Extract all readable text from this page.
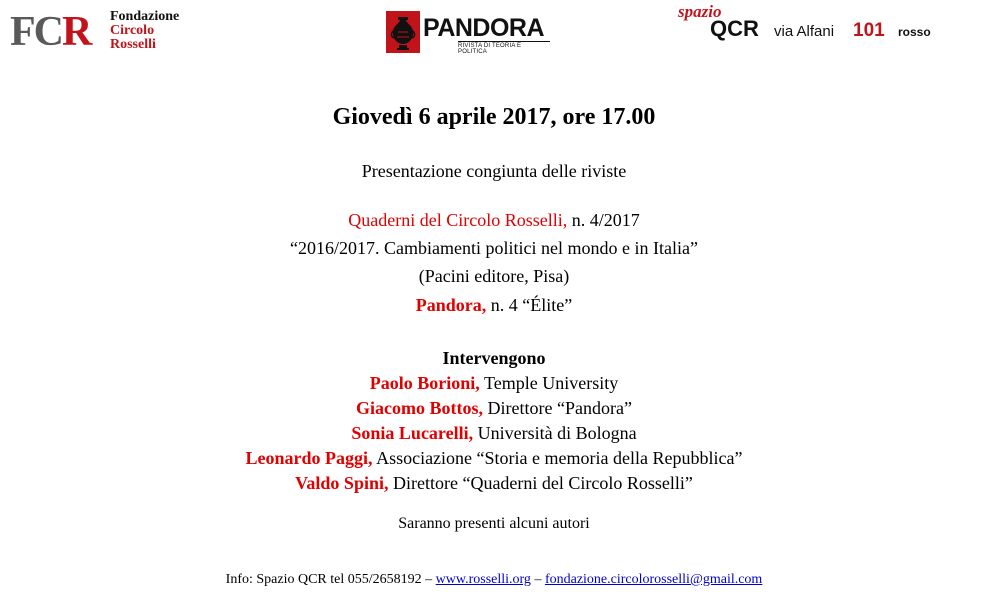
FCR Fondazione
Circolo
Rosselli
PANDORA
RIVISTA DI TEORIA E POLITICA
spazio
QCR via Alfani 101 rosso
Giovedì 6 aprile 2017, ore 17.00
Presentazione congiunta delle riviste
Quaderni del Circolo Rosselli, n. 4/2017
“2016/2017. Cambiamenti politici nel mondo e in Italia”
(Pacini editore, Pisa)
Pandora, n. 4 “Élite”
Intervengono
Paolo Borioni, Temple University
Giacomo Bottos, Direttore “Pandora”
Sonia Lucarelli, Università di Bologna
Leonardo Paggi, Associazione “Storia e memoria della Repubblica”
Valdo Spini, Direttore “Quaderni del Circolo Rosselli”
Saranno presenti alcuni autori
Info: Spazio QCR tel 055/2658192 – www.rosselli.org – fondazione.circolorosselli@gmail.com
